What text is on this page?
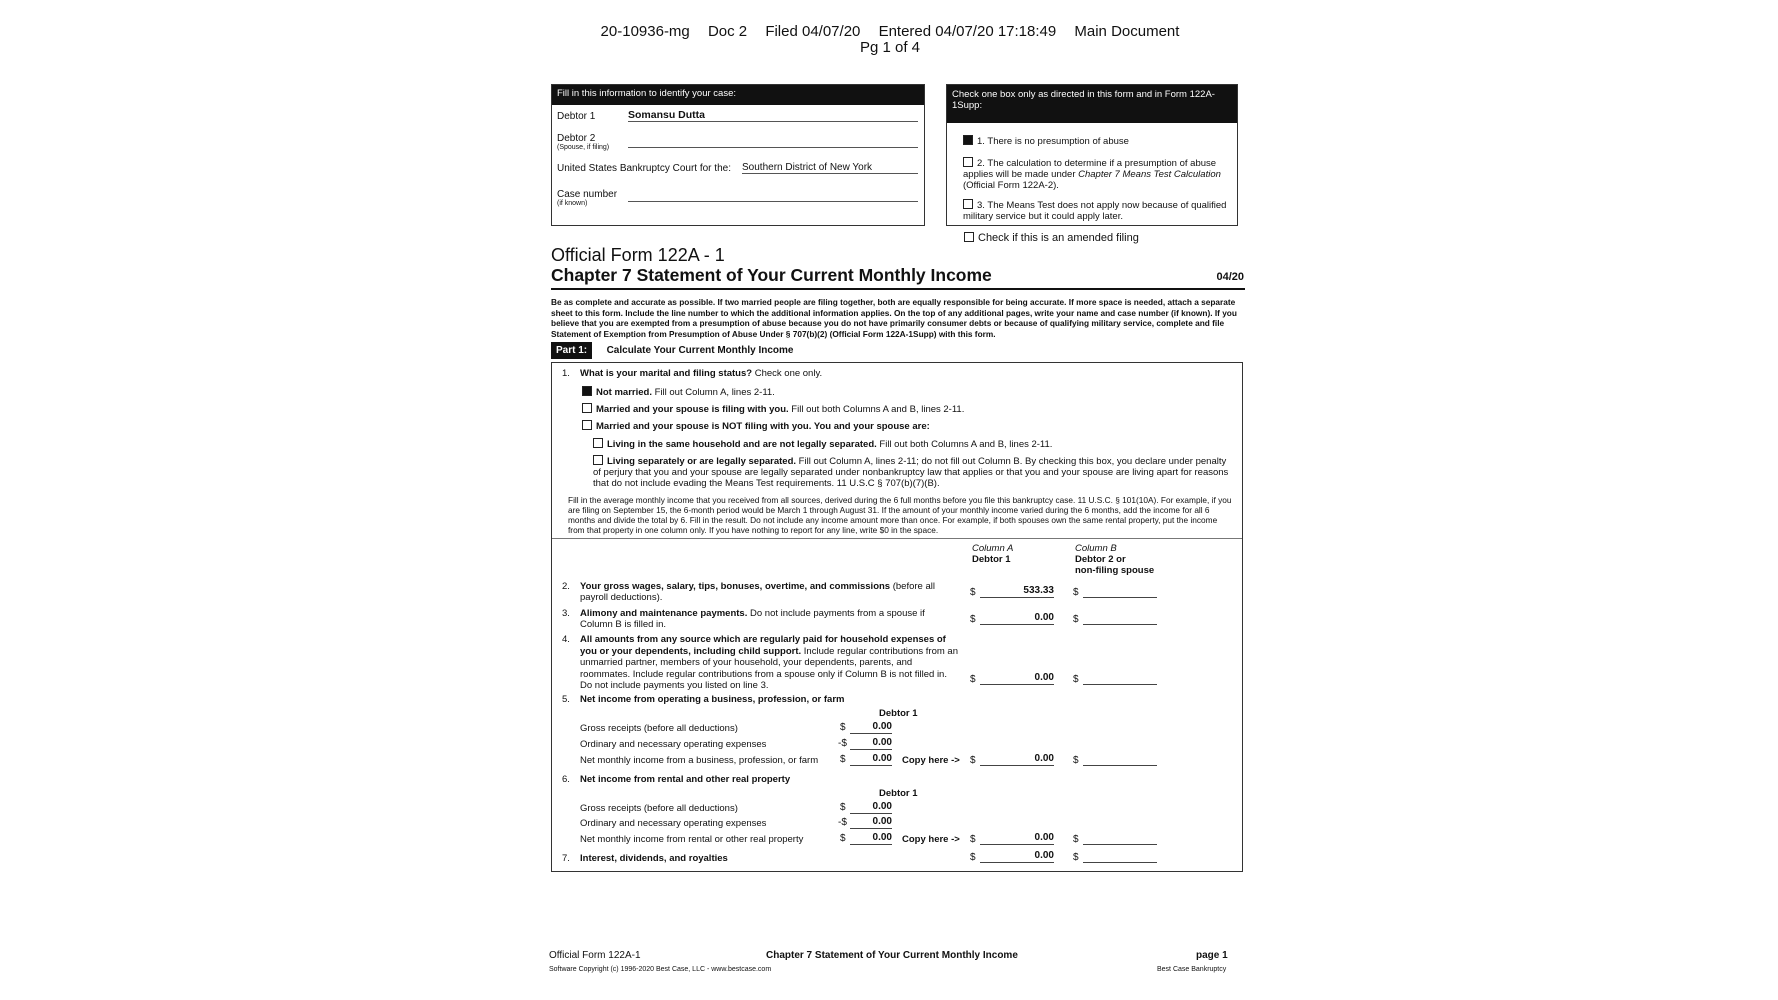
20-10936-mg Doc 2 Filed 04/07/20 Entered 04/07/20 17:18:49 Main Document
Pg 1 of 4
Fill in this information to identify your case:
Debtor 1	Somansu Dutta
Debtor 2
(Spouse, if filing)
United States Bankruptcy Court for the: Southern District of New York
Case number
(if known)
Check one box only as directed in this form and in Form 122A-1Supp:
1. There is no presumption of abuse
2. The calculation to determine if a presumption of abuse applies will be made under Chapter 7 Means Test Calculation (Official Form 122A-2).
3. The Means Test does not apply now because of qualified military service but it could apply later.
Check if this is an amended filing
Official Form 122A - 1
Chapter 7 Statement of Your Current Monthly Income	04/20
Be as complete and accurate as possible. If two married people are filing together, both are equally responsible for being accurate. If more space is needed, attach a separate sheet to this form. Include the line number to which the additional information applies. On the top of any additional pages, write your name and case number (if known). If you believe that you are exempted from a presumption of abuse because you do not have primarily consumer debts or because of qualifying military service, complete and file Statement of Exemption from Presumption of Abuse Under § 707(b)(2) (Official Form 122A-1Supp) with this form.
Part 1: Calculate Your Current Monthly Income
1. What is your marital and filing status? Check one only.
Not married. Fill out Column A, lines 2-11.
Married and your spouse is filing with you. Fill out both Columns A and B, lines 2-11.
Married and your spouse is NOT filing with you. You and your spouse are:
Living in the same household and are not legally separated. Fill out both Columns A and B, lines 2-11.
Living separately or are legally separated. Fill out Column A, lines 2-11; do not fill out Column B. By checking this box, you declare under penalty of perjury that you and your spouse are legally separated under nonbankruptcy law that applies or that you and your spouse are living apart for reasons that do not include evading the Means Test requirements. 11 U.S.C § 707(b)(7)(B).
Fill in the average monthly income that you received from all sources, derived during the 6 full months before you file this bankruptcy case. 11 U.S.C. § 101(10A). For example, if you are filing on September 15, the 6-month period would be March 1 through August 31. If the amount of your monthly income varied during the 6 months, add the income for all 6 months and divide the total by 6. Fill in the result. Do not include any income amount more than once. For example, if both spouses own the same rental property, put the income from that property in one column only. If you have nothing to report for any line, write $0 in the space.
Column A
Debtor 1
Column B
Debtor 2 or
non-filing spouse
2. Your gross wages, salary, tips, bonuses, overtime, and commissions (before all payroll deductions).	$	533.33 $
3. Alimony and maintenance payments. Do not include payments from a spouse if Column B is filled in.	$	0.00 $
4. All amounts from any source which are regularly paid for household expenses of you or your dependents, including child support. Include regular contributions from an unmarried partner, members of your household, your dependents, parents, and roommates. Include regular contributions from a spouse only if Column B is not filled in. Do not include payments you listed on line 3.
$	0.00 $
5. Net income from operating a business, profession, or farm
Debtor 1
Gross receipts (before all deductions)	$	0.00
Ordinary and necessary operating expenses	-$	0.00
Net monthly income from a business, profession, or farm $	0.00 Copy here -> $	0.00 $
6. Net income from rental and other real property
Debtor 1
Gross receipts (before all deductions)	$	0.00
Ordinary and necessary operating expenses	-$	0.00
Net monthly income from rental or other real property	$	0.00 Copy here -> $	0.00 $
7. Interest, dividends, and royalties	$	0.00 $
Official Form 122A-1	Chapter 7 Statement of Your Current Monthly Income	page 1
Software Copyright (c) 1996-2020 Best Case, LLC - www.bestcase.com	Best Case Bankruptcy
